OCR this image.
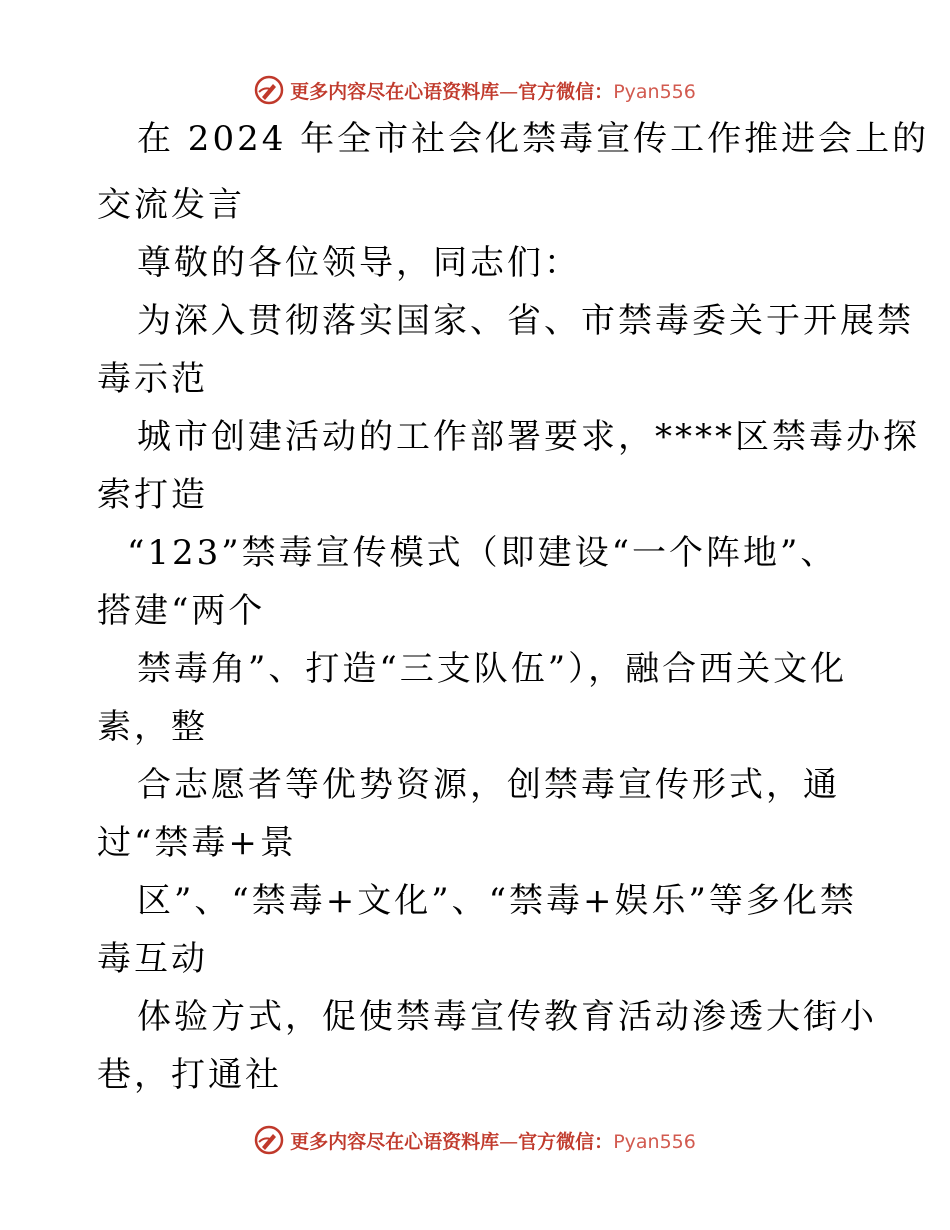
更多内容尽在心语资料库—官方微信：Pyan556
在 2024 年全市社会化禁毒宣传工作推进会上的
交流发言
尊敬的各位领导，同志们：
为深入贯彻落实国家、省、市禁毒委关于开展禁
毒示范
城市创建活动的工作部署要求，****区禁毒办探
索打造
“123”禁毒宣传模式（即建设“一个阵地”、
搭建“两个
禁毒角”、打造“三支队伍”），融合西关文化
素，整
合志愿者等优势资源，创禁毒宣传形式，通
过“禁毒+景
区”、“禁毒+文化”、“禁毒+娱乐”等多化禁
毒互动
体验方式，促使禁毒宣传教育活动渗透大街小
巷，打通社
更多内容尽在心语资料库—官方微信：Pyan556
